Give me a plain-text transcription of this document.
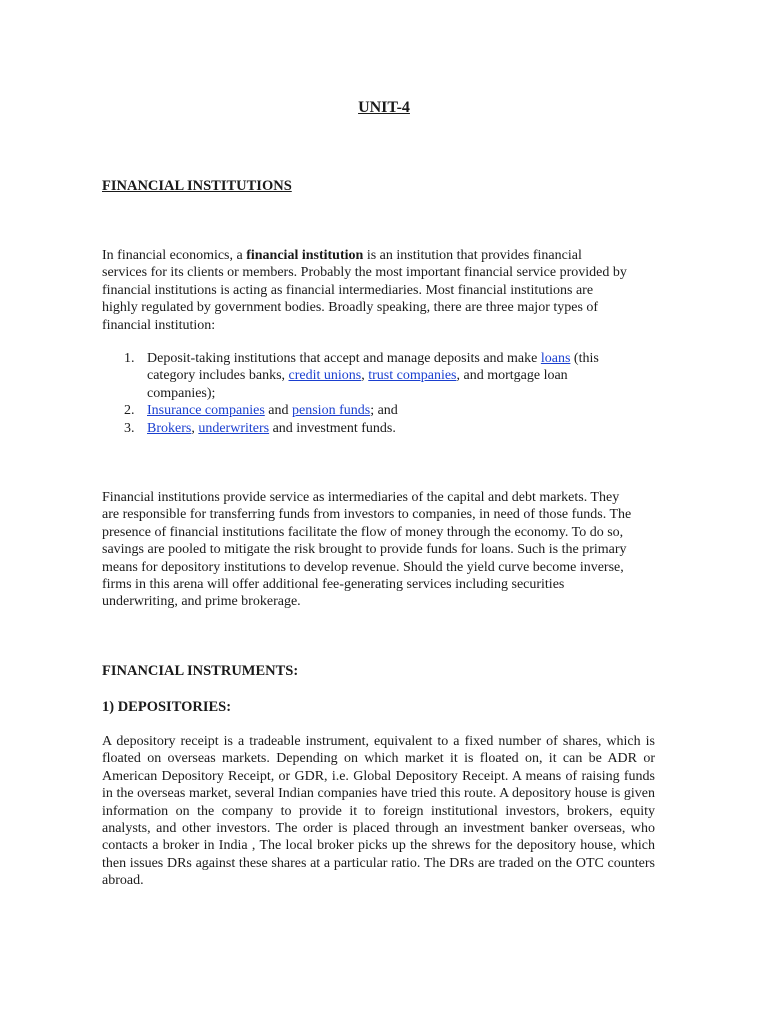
UNIT-4
FINANCIAL INSTITUTIONS

In financial economics, a financial institution is an institution that provides financial services for its clients or members. Probably the most important financial service provided by financial institutions is acting as financial intermediaries. Most financial institutions are highly regulated by government bodies. Broadly speaking, there are three major types of financial institution:

1. Deposit-taking institutions that accept and manage deposits and make loans (this category includes banks, credit unions, trust companies, and mortgage loan companies);
2. Insurance companies and pension funds; and
3. Brokers, underwriters and investment funds.

Financial institutions provide service as intermediaries of the capital and debt markets. They are responsible for transferring funds from investors to companies, in need of those funds. The presence of financial institutions facilitate the flow of money through the economy. To do so, savings are pooled to mitigate the risk brought to provide funds for loans. Such is the primary means for depository institutions to develop revenue. Should the yield curve become inverse, firms in this arena will offer additional fee-generating services including securities underwriting, and prime brokerage.

FINANCIAL INSTRUMENTS:
1) DEPOSITORIES:

A depository receipt is a tradeable instrument, equivalent to a fixed number of shares, which is floated on overseas markets. Depending on which market it is floated on, it can be ADR or American Depository Receipt, or GDR, i.e. Global Depository Receipt. A means of raising funds in the overseas market, several Indian companies have tried this route. A depository house is given information on the company to provide it to foreign institutional investors, brokers, equity analysts, and other investors. The order is placed through an investment banker overseas, who contacts a broker in India , The local broker picks up the shrews for the depository house, which then issues DRs against these shares at a particular ratio. The DRs are traded on the OTC counters abroad.
